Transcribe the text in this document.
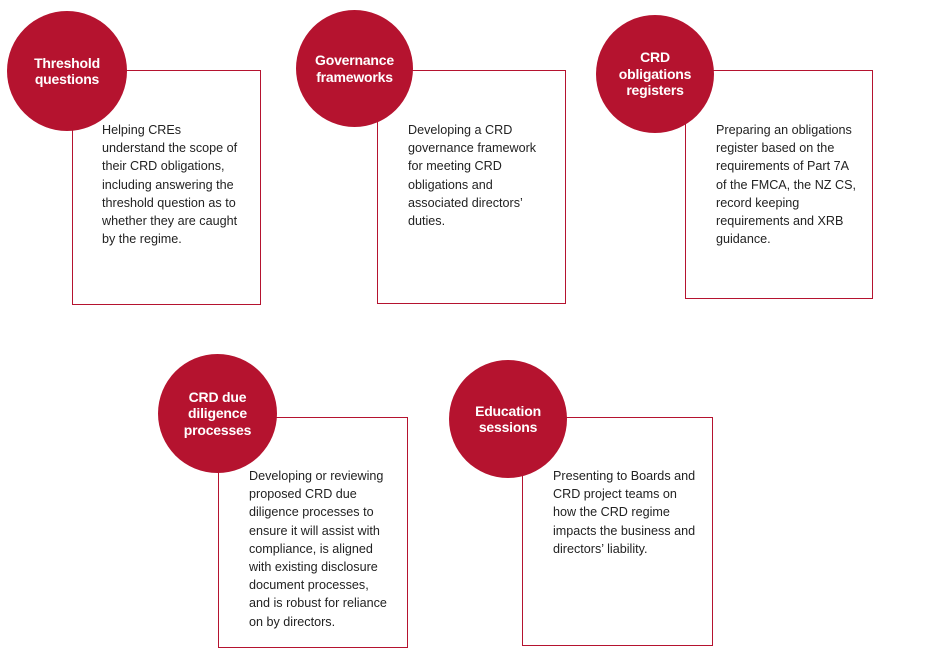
Threshold
questions

Helping CREs
understand the scope of
their CRD obligations,
including answering the
threshold question as to
whether they are caught
by the regime.

Governance
frameworks

Developing a CRD
governance framework
for meeting CRD
obligations and
associated directors’
duties.

CRD
obligations
registers

Preparing an obligations
register based on the
requirements of Part 7A
of the FMCA, the NZ CS,
record keeping
requirements and XRB
guidance.

CRD due
diligence
processes

Developing or reviewing
proposed CRD due
diligence processes to
ensure it will assist with
compliance, is aligned
with existing disclosure
document processes,
and is robust for reliance
on by directors.

Education
sessions

Presenting to Boards and
CRD project teams on
how the CRD regime
impacts the business and
directors’ liability.
